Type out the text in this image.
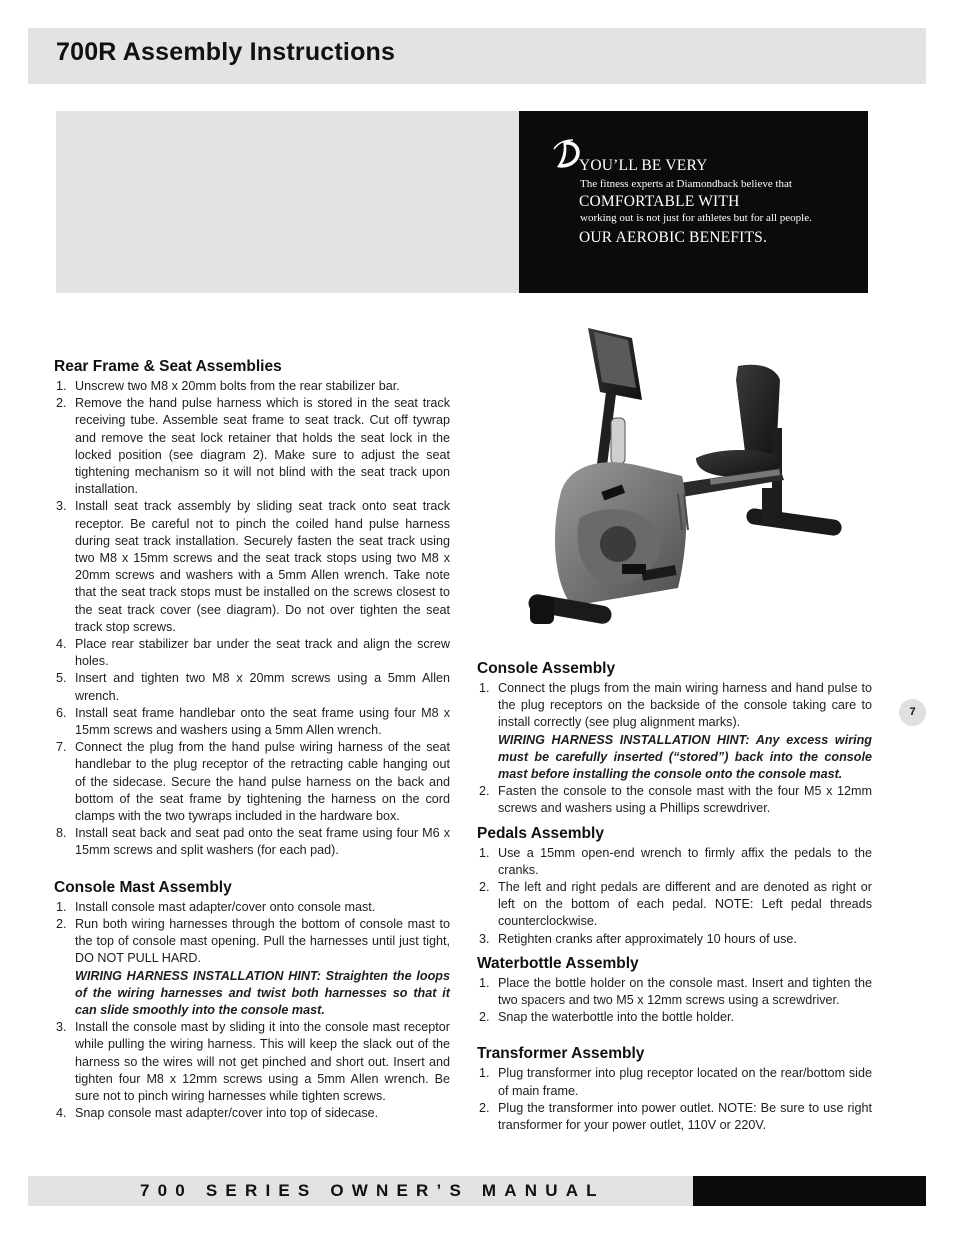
700R Assembly Instructions
YOU’LL BE VERY
The fitness experts at Diamondback believe that
COMFORTABLE WITH
working out is not just for athletes but for all people.
OUR AEROBIC BENEFITS.
Rear Frame & Seat Assemblies
1. Unscrew two M8 x 20mm bolts from the rear stabilizer bar.
2. Remove the hand pulse harness which is stored in the seat track receiving tube. Assemble seat frame to seat track. Cut off tywrap and remove the seat lock retainer that holds the seat lock in the locked position (see diagram 2). Make sure to adjust the seat tightening mechanism so it will not blind with the seat track upon installation.
3. Install seat track assembly by sliding seat track onto seat track receptor. Be careful not to pinch the coiled hand pulse harness during seat track installation. Securely fasten the seat track using two M8 x 15mm screws and the seat track stops using two M8 x 20mm screws and washers with a 5mm Allen wrench. Take note that the seat track stops must be installed on the screws closest to the seat track cover (see diagram). Do not over tighten the seat track stop screws.
4. Place rear stabilizer bar under the seat track and align the screw holes.
5. Insert and tighten two M8 x 20mm screws using a 5mm Allen wrench.
6. Install seat frame handlebar onto the seat frame using four M8 x 15mm screws and washers using a 5mm Allen wrench.
7. Connect the plug from the hand pulse wiring harness of the seat handlebar to the plug receptor of the retracting cable hanging out of the sidecase. Secure the hand pulse harness on the back and bottom of the seat frame by tightening the harness on the cord clamps with the two tywraps included in the hardware box.
8. Install seat back and seat pad onto the seat frame using four M6 x 15mm screws and split washers (for each pad).
Console Mast Assembly
1. Install console mast adapter/cover onto console mast.
2. Run both wiring harnesses through the bottom of console mast to the top of console mast opening. Pull the harnesses until just tight, DO NOT PULL HARD.
WIRING HARNESS INSTALLATION HINT: Straighten the loops of the wiring harnesses and twist both harnesses so that it can slide smoothly into the console mast.
3. Install the console mast by sliding it into the console mast receptor while pulling the wiring harness. This will keep the slack out of the harness so the wires will not get pinched and short out. Insert and tighten four M8 x 12mm screws using a 5mm Allen wrench. Be sure not to pinch wiring harnesses while tighten screws.
4. Snap console mast adapter/cover into top of sidecase.
Console Assembly
1. Connect the plugs from the main wiring harness and hand pulse to the plug receptors on the backside of the console taking care to install correctly (see plug alignment marks).
WIRING HARNESS INSTALLATION HINT: Any excess wiring must be carefully inserted (“stored”) back into the console mast before installing the console onto the console mast.
2. Fasten the console to the console mast with the four M5 x 12mm screws and washers using a Phillips screwdriver.
Pedals Assembly
1. Use a 15mm open-end wrench to firmly affix the pedals to the cranks.
2. The left and right pedals are different and are denoted as right or left on the bottom of each pedal. NOTE: Left pedal threads counterclockwise.
3. Retighten cranks after approximately 10 hours of use.
Waterbottle Assembly
1. Place the bottle holder on the console mast. Insert and tighten the two spacers and two M5 x 12mm screws using a screwdriver.
2. Snap the waterbottle into the bottle holder.
Transformer Assembly
1. Plug transformer into plug receptor located on the rear/bottom side of main frame.
2. Plug the transformer into power outlet. NOTE: Be sure to use right transformer for your power outlet, 110V or 220V.
7
700 SERIES OWNER’S MANUAL
